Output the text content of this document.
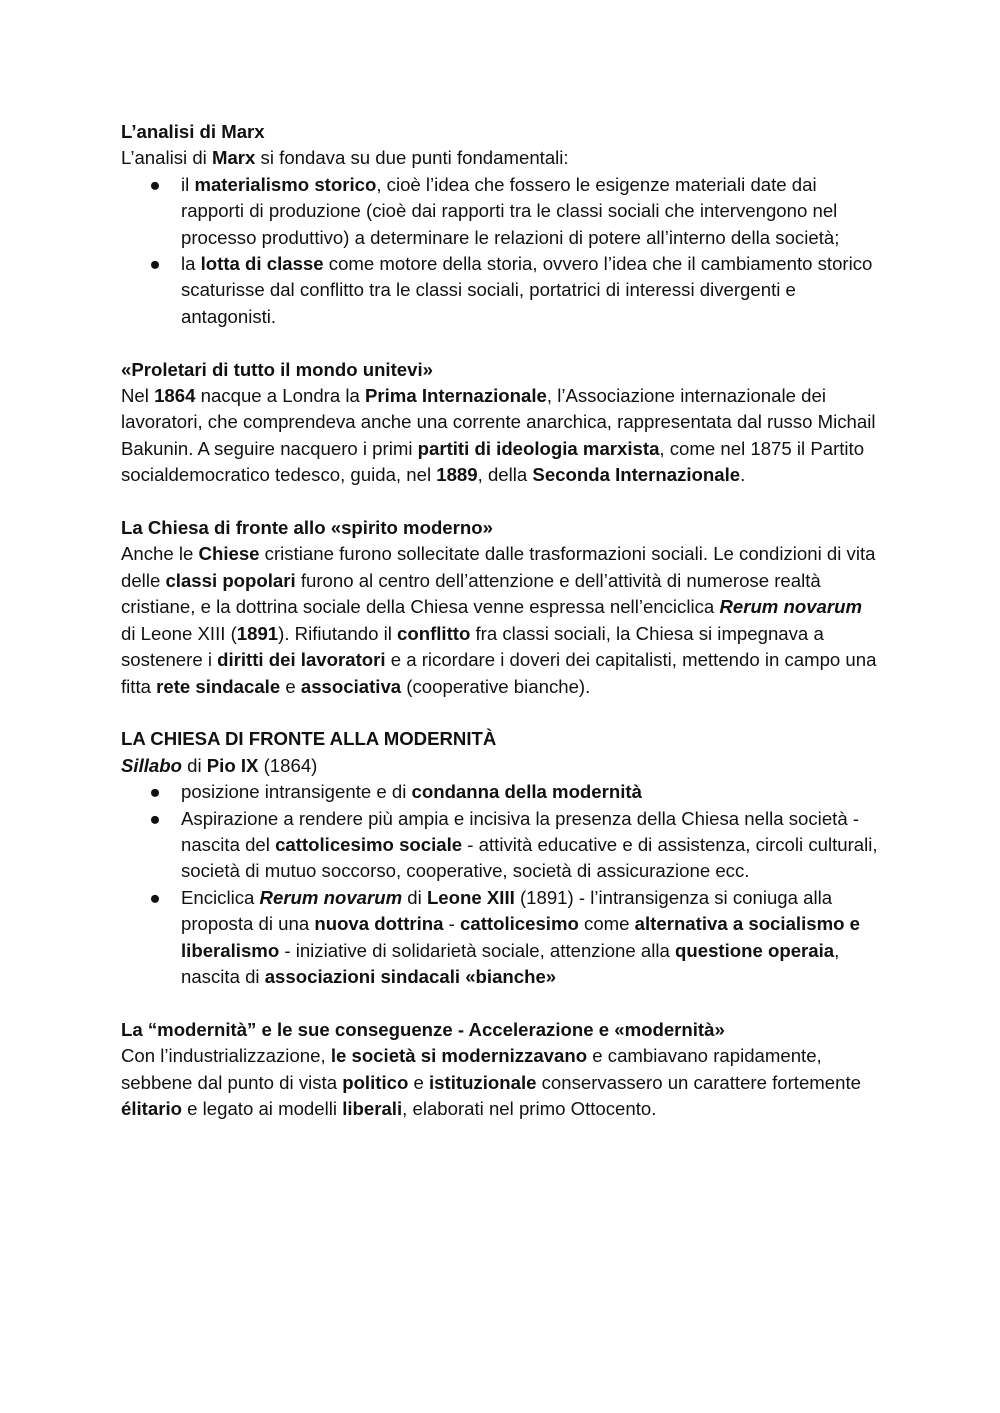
L’analisi di Marx

L’analisi di Marx si fondava su due punti fondamentali:

● il materialismo storico, cioè l’idea che fossero le esigenze materiali date dai rapporti di produzione (cioè dai rapporti tra le classi sociali che intervengono nel processo produttivo) a determinare le relazioni di potere all’interno della società;
● la lotta di classe come motore della storia, ovvero l’idea che il cambiamento storico scaturisse dal conflitto tra le classi sociali, portatrici di interessi divergenti e antagonisti.

«Proletari di tutto il mondo unitevi»

Nel 1864 nacque a Londra la Prima Internazionale, l’Associazione internazionale dei lavoratori, che comprendeva anche una corrente anarchica, rappresentata dal russo Michail Bakunin. A seguire nacquero i primi partiti di ideologia marxista, come nel 1875 il Partito socialdemocratico tedesco, guida, nel 1889, della Seconda Internazionale.

La Chiesa di fronte allo «spirito moderno»

Anche le Chiese cristiane furono sollecitate dalle trasformazioni sociali. Le condizioni di vita delle classi popolari furono al centro dell’attenzione e dell’attività di numerose realtà cristiane, e la dottrina sociale della Chiesa venne espressa nell’enciclica Rerum novarum di Leone XIII (1891). Rifiutando il conflitto fra classi sociali, la Chiesa si impegnava a sostenere i diritti dei lavoratori e a ricordare i doveri dei capitalisti, mettendo in campo una fitta rete sindacale e associativa (cooperative bianche).

LA CHIESA DI FRONTE ALLA MODERNITÀ

Sillabo di Pio IX (1864)

● posizione intransigente e di condanna della modernità
● Aspirazione a rendere più ampia e incisiva la presenza della Chiesa nella società - nascita del cattolicesimo sociale - attività educative e di assistenza, circoli culturali, società di mutuo soccorso, cooperative, società di assicurazione ecc.
● Enciclica Rerum novarum di Leone XIII (1891) - l’intransigenza si coniuga alla proposta di una nuova dottrina - cattolicesimo come alternativa a socialismo e liberalismo - iniziative di solidarietà sociale, attenzione alla questione operaia, nascita di associazioni sindacali «bianche»

La “modernità” e le sue conseguenze - Accelerazione e «modernità»

Con l’industrializzazione, le società si modernizzavano e cambiavano rapidamente, sebbene dal punto di vista politico e istituzionale conservassero un carattere fortemente élitario e legato ai modelli liberali, elaborati nel primo Ottocento.
